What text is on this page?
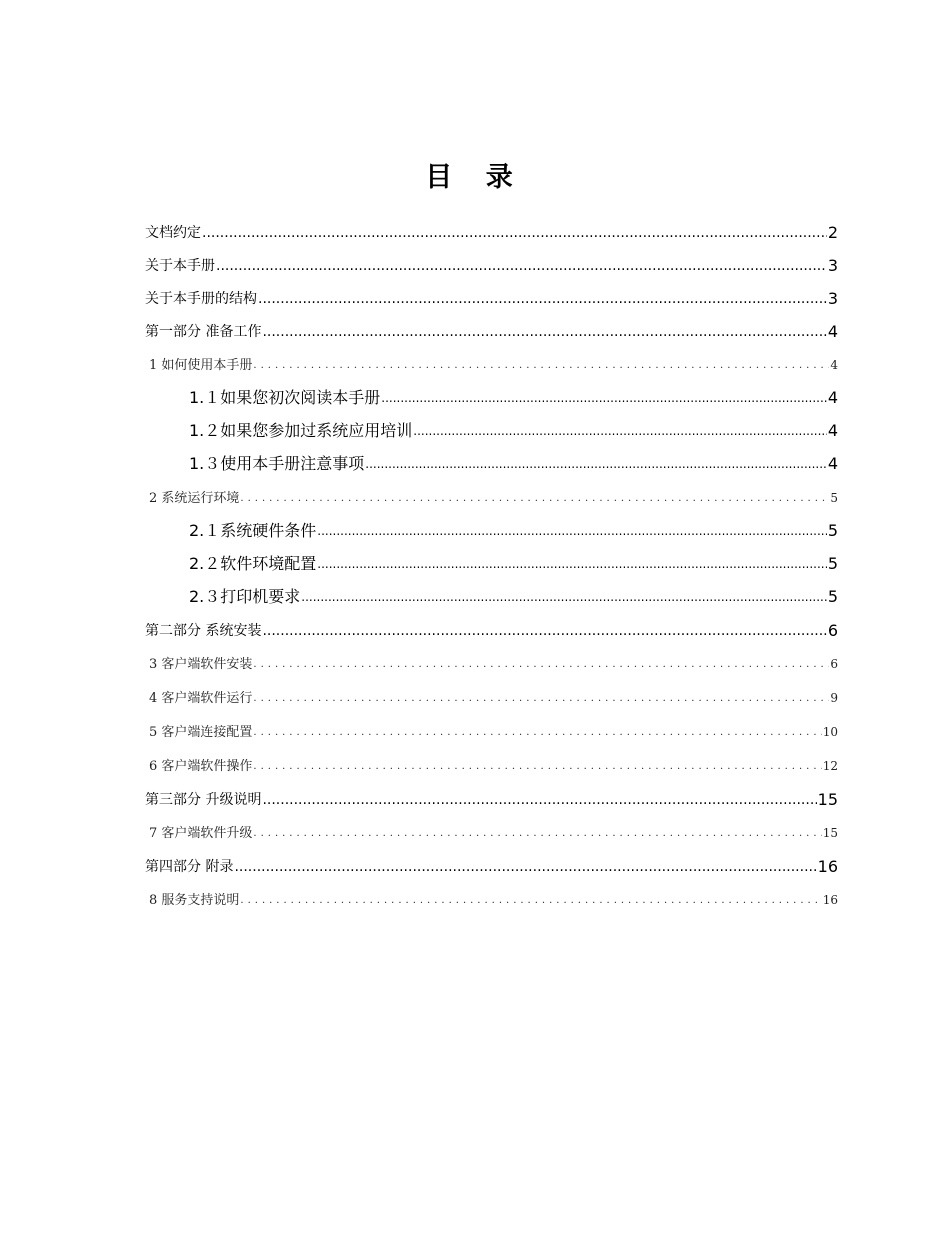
目 录
文档约定 .....	2
关于本手册 .....	3
关于本手册的结构 .....	3
第一部分 准备工作 .....	4
1 如何使用本手册 .....	4
1.１如果您初次阅读本手册 .....	4
1.２如果您参加过系统应用培训 .....	4
1.３使用本手册注意事项 .....	4
2 系统运行环境 .....	5
2.１系统硬件条件 .....	5
2.２软件环境配置 .....	5
2.３打印机要求 .....	5
第二部分 系统安装 .....	6
3 客户端软件安装 .....	6
4 客户端软件运行 .....	9
5 客户端连接配置 .....	10
6 客户端软件操作 .....	12
第三部分 升级说明 .....	15
7 客户端软件升级 .....	15
第四部分 附录 .....	16
8 服务支持说明 .....	16
